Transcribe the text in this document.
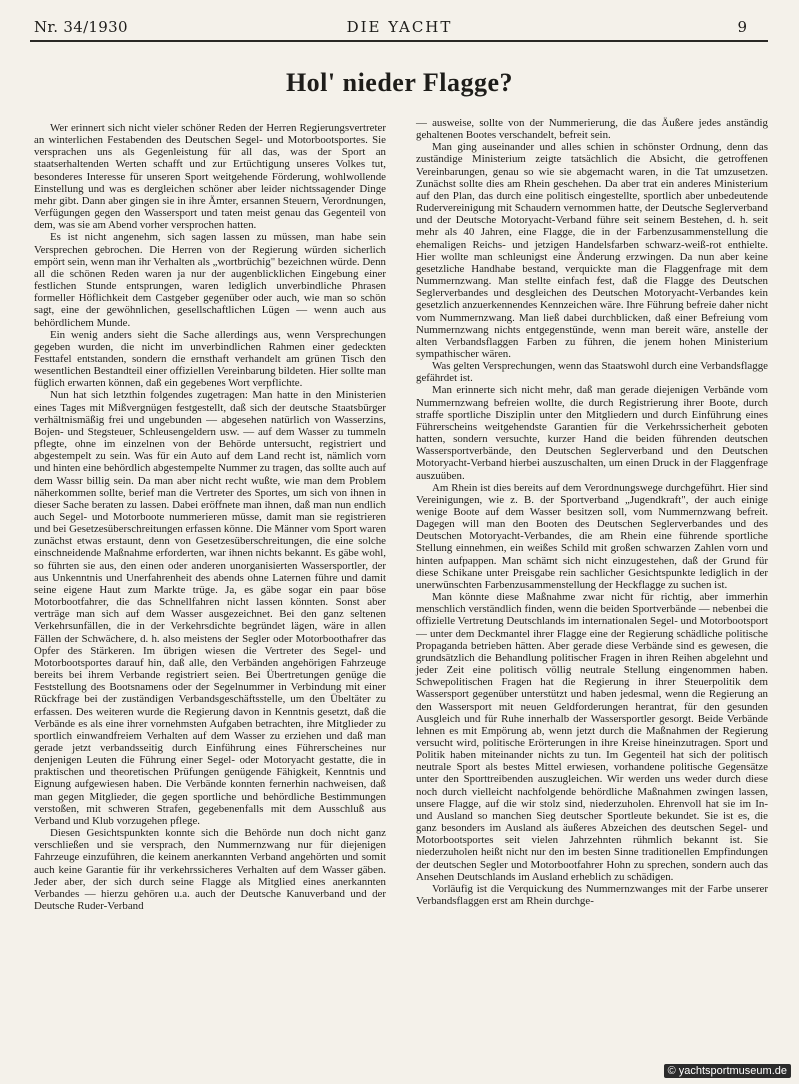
Nr. 34/1930	DIE YACHT	9
Hol' nieder Flagge?

Wer erinnert sich nicht vieler schöner Reden der Herren Regierungsvertreter an winterlichen Festabenden des Deutschen Segel- und Motorbootsportes. Sie versprachen uns als Gegenleistung für all das, was der Sport an staatserhaltenden Werten schafft und zur Ertüchtigung unseres Volkes tut, besonderes Interesse für unseren Sport weitgehende Förderung, wohlwollende Einstellung und was es dergleichen schöner aber leider nichtssagender Dinge mehr gibt. Dann aber gingen sie in ihre Ämter, ersannen Steuern, Verordnungen, Verfügungen gegen den Wassersport und taten meist genau das Gegenteil von dem, was sie am Abend vorher versprochen hatten.

Es ist nicht angenehm, sich sagen lassen zu müssen, man habe sein Versprechen gebrochen. Die Herren von der Regierung würden sicherlich empört sein, wenn man ihr Verhalten als „wortbrüchig" bezeichnen würde. Denn all die schönen Reden waren ja nur der augenblicklichen Eingebung einer festlichen Stunde entsprungen, waren lediglich unverbindliche Phrasen formeller Höflichkeit dem Castgeber gegenüber oder auch, wie man so schön sagt, eine der gewöhnlichen, gesellschaftlichen Lügen — wenn auch aus behördlichem Munde.

Ein wenig anders sieht die Sache allerdings aus, wenn Versprechungen gegeben wurden, die nicht im unverbindlichen Rahmen einer gedeckten Festtafel entstanden, sondern die ernsthaft verhandelt am grünen Tisch den wesentlichen Bestandteil einer offiziellen Vereinbarung bildeten. Hier sollte man füglich erwarten können, daß ein gegebenes Wort verpflichte.

Nun hat sich letzthin folgendes zugetragen: Man hatte in den Ministerien eines Tages mit Mißvergnügen festgestellt, daß sich der deutsche Staatsbürger verhältnismäßig frei und ungebunden — abgesehen natürlich von Wasserzins, Bojen- und Stegsteuer, Schleusengeldern usw. — auf dem Wasser zu tummeln pflegte, ohne im einzelnen von der Behörde untersucht, registriert und abgestempelt zu sein. Was für ein Auto auf dem Land recht ist, nämlich vorn und hinten eine behördlich abgestempelte Nummer zu tragen, das sollte auch auf dem Wassr billig sein. Da man aber nicht recht wußte, wie man dem Problem näherkommen sollte, berief man die Vertreter des Sportes, um sich von ihnen in dieser Sache beraten zu lassen. Dabei eröffnete man ihnen, daß man nun endlich auch Segel- und Motorboote nummerieren müsse, damit man sie registrieren und bei Gesetzesüberschreitungen erfassen könne. Die Männer vom Sport waren zunächst etwas erstaunt, denn von Gesetzesüberschreitungen, die eine solche einschneidende Maßnahme erforderten, war ihnen nichts bekannt. Es gäbe wohl, so führten sie aus, den einen oder anderen unorganisierten Wassersportler, der aus Unkenntnis und Unerfahrenheit des abends ohne Laternen führe und damit seine eigene Haut zum Markte trüge. Ja, es gäbe sogar ein paar böse Motorbootfahrer, die das Schnellfahren nicht lassen könnten. Sonst aber verträge man sich auf dem Wasser ausgezeichnet. Bei den ganz seltenen Verkehrsunfällen, die in der Verkehrsdichte begründet lägen, wäre in allen Fällen der Schwächere, d. h. also meistens der Segler oder Motorboothafrer das Opfer des Stärkeren. Im übrigen wiesen die Vertreter des Segel- und Motorbootsportes darauf hin, daß alle, den Verbänden angehörigen Fahrzeuge bereits bei ihrem Verbande registriert seien. Bei Übertretungen genüge die Feststellung des Bootsnamens oder der Segelnummer in Verbindung mit einer Rückfrage bei der zuständigen Verbandsgeschäftsstelle, um den Übeltäter zu erfassen. Des weiteren wurde die Regierung davon in Kenntnis gesetzt, daß die Verbände es als eine ihrer vornehmsten Aufgaben betrachten, ihre Mitglieder zu sportlich einwandfreiem Verhalten auf dem Wasser zu erziehen und daß man gerade jetzt verbandsseitig durch Einführung eines Führerscheines nur denjenigen Leuten die Führung einer Segel- oder Motoryacht gestatte, die in praktischen und theoretischen Prüfungen genügende Fähigkeit, Kenntnis und Eignung aufgewiesen haben. Die Verbände konnten fernerhin nachweisen, daß man gegen Mitglieder, die gegen sportliche und behördliche Bestimmungen verstoßen, mit schweren Strafen, gegebenenfalls mit dem Ausschluß aus Verband und Klub vorzugehen pflege.

Diesen Gesichtspunkten konnte sich die Behörde nun doch nicht ganz verschließen und sie versprach, den Nummernzwang nur für diejenigen Fahrzeuge einzuführen, die keinem anerkannten Verband angehörten und somit auch keine Garantie für ihr verkehrssicheres Verhalten auf dem Wasser gäben. Jeder aber, der sich durch seine Flagge als Mitglied eines anerkannten Verbandes — hierzu gehören u.a. auch der Deutsche Kanuverband und der Deutsche Ruder-Verband

— ausweise, sollte von der Nummerierung, die das Äußere jedes anständig gehaltenen Bootes verschandelt, befreit sein.

Man ging auseinander und alles schien in schönster Ordnung, denn das zuständige Ministerium zeigte tatsächlich die Absicht, die getroffenen Vereinbarungen, genau so wie sie abgemacht waren, in die Tat umzusetzen. Zunächst sollte dies am Rhein geschehen. Da aber trat ein anderes Ministerium auf den Plan, das durch eine politisch eingestellte, sportlich aber unbedeutende Rudervereinigung mit Schaudern vernommen hatte, der Deutsche Seglerverband und der Deutsche Motoryacht-Verband führe seit seinem Bestehen, d. h. seit mehr als 40 Jahren, eine Flagge, die in der Farbenzusammenstellung die ehemaligen Reichs- und jetzigen Handelsfarben schwarz-weiß-rot enthielte. Hier wollte man schleunigst eine Änderung erzwingen. Da nun aber keine gesetzliche Handhabe bestand, verquickte man die Flaggenfrage mit dem Nummernzwang. Man stellte einfach fest, daß die Flagge des Deutschen Seglerverbandes und desgleichen des Deutschen Motoryacht-Verbandes kein gesetzlich anzuerkennendes Kennzeichen wäre. Ihre Führung befreie daher nicht vom Nummernzwang. Man ließ dabei durchblicken, daß einer Befreiung vom Nummernzwang nichts entgegenstünde, wenn man bereit wäre, anstelle der alten Verbandsflaggen Farben zu führen, die jenem hohen Ministerium sympathischer wären.

Was gelten Versprechungen, wenn das Staatswohl durch eine Verbandsflagge gefährdet ist.

Man erinnerte sich nicht mehr, daß man gerade diejenigen Verbände vom Nummernzwang befreien wollte, die durch Registrierung ihrer Boote, durch straffe sportliche Disziplin unter den Mitgliedern und durch Einführung eines Führerscheins weitgehendste Garantien für die Verkehrssicherheit geboten hatten, sondern versuchte, kurzer Hand die beiden führenden deutschen Wassersportverbände, den Deutschen Seglerverband und den Deutschen Motoryacht-Verband hierbei auszuschalten, um einen Druck in der Flaggenfrage auszuüben.

Am Rhein ist dies bereits auf dem Verordnungswege durchgeführt. Hier sind Vereinigungen, wie z. B. der Sportverband „Jugendkraft", der auch einige wenige Boote auf dem Wasser besitzen soll, vom Nummernzwang befreit. Dagegen will man den Booten des Deutschen Seglerverbandes und des Deutschen Motoryacht-Verbandes, die am Rhein eine führende sportliche Stellung einnehmen, ein weißes Schild mit großen schwarzen Zahlen vorn und hinten aufpappen. Man schämt sich nicht einzugestehen, daß der Grund für diese Schikane unter Preisgabe rein sachlicher Gesichtspunkte lediglich in der unerwünschten Farbenzusammenstellung der Heckflagge zu suchen ist.

Man könnte diese Maßnahme zwar nicht für richtig, aber immerhin menschlich verständlich finden, wenn die beiden Sportverbände — nebenbei die offizielle Vertretung Deutschlands im internationalen Segel- und Motorbootsport — unter dem Deckmantel ihrer Flagge eine der Regierung schädliche politische Propaganda betrieben hätten. Aber gerade diese Verbände sind es gewesen, die grundsätzlich die Behandlung politischer Fragen in ihren Reihen abgelehnt und jeder Zeit eine politisch völlig neutrale Stellung eingenommen haben. Schwepolitischen Fragen hat die Regierung in ihrer Steuerpolitik dem Wassersport gegenüber unterstützt und haben jedesmal, wenn die Regierung an den Wassersport mit neuen Geldforderungen herantrat, für den gesunden Ausgleich und für Ruhe innerhalb der Wassersportler gesorgt. Beide Verbände lehnen es mit Empörung ab, wenn jetzt durch die Maßnahmen der Regierung versucht wird, politische Erörterungen in ihre Kreise hineinzutragen. Sport und Politik haben miteinander nichts zu tun. Im Gegenteil hat sich der politisch neutrale Sport als bestes Mittel erwiesen, vorhandene politische Gegensätze unter den Sporttreibenden auszugleichen. Wir werden uns weder durch diese noch durch vielleicht nachfolgende behördliche Maßnahmen zwingen lassen, unsere Flagge, auf die wir stolz sind, niederzuholen. Ehrenvoll hat sie im In- und Ausland so manchen Sieg deutscher Sportleute bekundet. Sie ist es, die ganz besonders im Ausland als äußeres Abzeichen des deutschen Segel- und Motorbootsportes seit vielen Jahrzehnten rühmlich bekannt ist. Sie niederzuholen heißt nicht nur den im besten Sinne traditionellen Empfindungen der deutschen Segler und Motorbootfahrer Hohn zu sprechen, sondern auch das Ansehen Deutschlands im Ausland erheblich zu schädigen.

Vorläufig ist die Verquickung des Nummernzwanges mit der Farbe unserer Verbandsflaggen erst am Rhein durchge-

© yachtsportmuseum.de
